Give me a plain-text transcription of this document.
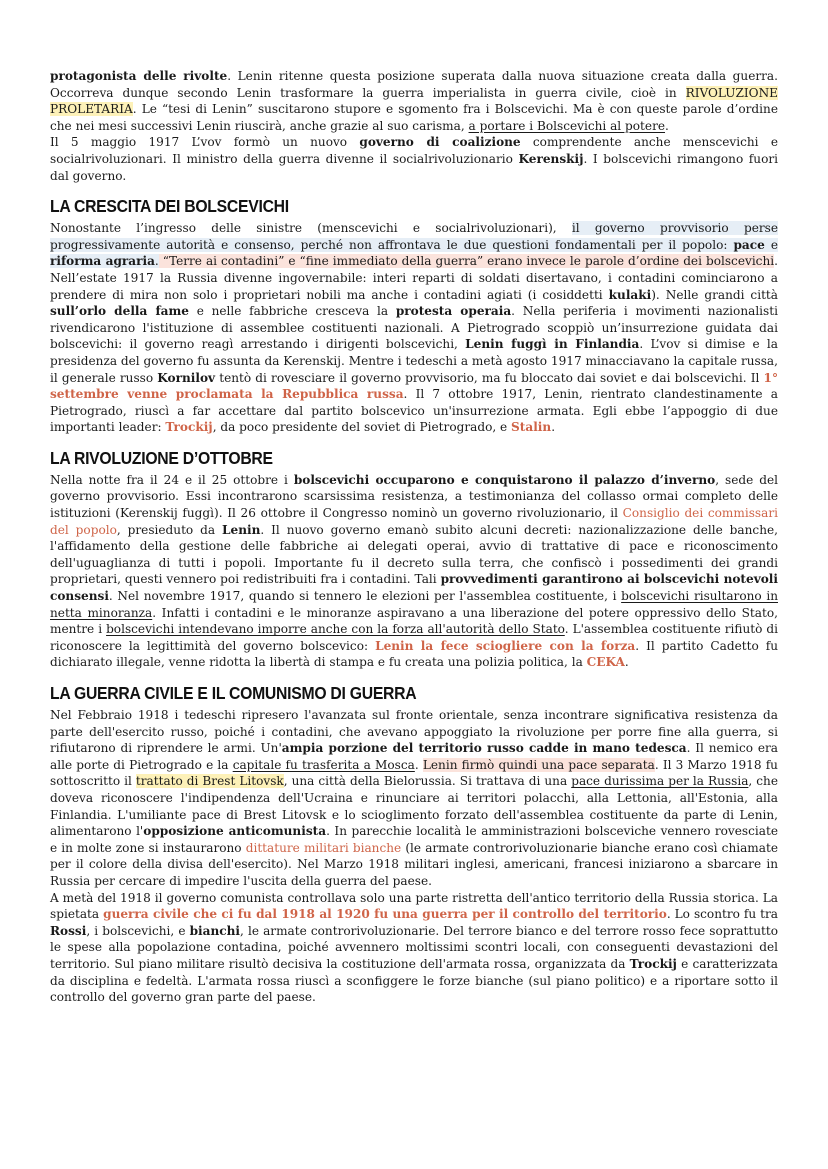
protagonista delle rivolte. Lenin ritenne questa posizione superata dalla nuova situazione creata dalla guerra. Occorreva dunque secondo Lenin trasformare la guerra imperialista in guerra civile, cioè in RIVOLUZIONE PROLETARIA. Le “tesi di Lenin” suscitarono stupore e sgomento fra i Bolscevichi. Ma è con queste parole d’ordine che nei mesi successivi Lenin riuscirà, anche grazie al suo carisma, a portare i Bolscevichi al potere.

Il 5 maggio 1917 L’vov formò un nuovo governo di coalizione comprendente anche menscevichi e socialrivoluzionari. Il ministro della guerra divenne il socialrivoluzionario Kerenskij. I bolscevichi rimangono fuori dal governo.

LA CRESCITA DEI BOLSCEVICHI

Nonostante l’ingresso delle sinistre (menscevichi e socialrivoluzionari), il governo provvisorio perse progressivamente autorità e consenso, perché non affrontava le due questioni fondamentali per il popolo: pace e riforma agraria. “Terre ai contadini” e “fine immediato della guerra” erano invece le parole d’ordine dei bolscevichi. Nell’estate 1917 la Russia divenne ingovernabile: interi reparti di soldati disertavano, i contadini cominciarono a prendere di mira non solo i proprietari nobili ma anche i contadini agiati (i cosiddetti kulaki). Nelle grandi città sull’orlo della fame e nelle fabbriche cresceva la protesta operaia. Nella periferia i movimenti nazionalisti rivendicarono l'istituzione di assemblee costituenti nazionali. A Pietrogrado scoppiò un’insurrezione guidata dai bolscevichi: il governo reagì arrestando i dirigenti bolscevichi, Lenin fuggì in Finlandia. L’vov si dimise e la presidenza del governo fu assunta da Kerenskij. Mentre i tedeschi a metà agosto 1917 minacciavano la capitale russa, il generale russo Kornilov tentò di rovesciare il governo provvisorio, ma fu bloccato dai soviet e dai bolscevichi. Il 1° settembre venne proclamata la Repubblica russa. Il 7 ottobre 1917, Lenin, rientrato clandestinamente a Pietrogrado, riuscì a far accettare dal partito bolscevico un'insurrezione armata. Egli ebbe l’appoggio di due importanti leader: Trockij, da poco presidente del soviet di Pietrogrado, e Stalin.

LA RIVOLUZIONE D’OTTOBRE

Nella notte fra il 24 e il 25 ottobre i bolscevichi occuparono e conquistarono il palazzo d’inverno, sede del governo provvisorio. Essi incontrarono scarsissima resistenza, a testimonianza del collasso ormai completo delle istituzioni (Kerenskij fuggì). Il 26 ottobre il Congresso nominò un governo rivoluzionario, il Consiglio dei commissari del popolo, presieduto da Lenin. Il nuovo governo emanò subito alcuni decreti: nazionalizzazione delle banche, l'affidamento della gestione delle fabbriche ai delegati operai, avvio di trattative di pace e riconoscimento dell'uguaglianza di tutti i popoli. Importante fu il decreto sulla terra, che confiscò i possedimenti dei grandi proprietari, questi vennero poi redistribuiti fra i contadini. Tali provvedimenti garantirono ai bolscevichi notevoli consensi. Nel novembre 1917, quando si tennero le elezioni per l'assemblea costituente, i bolscevichi risultarono in netta minoranza. Infatti i contadini e le minoranze aspiravano a una liberazione del potere oppressivo dello Stato, mentre i bolscevichi intendevano imporre anche con la forza all'autorità dello Stato. L'assemblea costituente rifiutò di riconoscere la legittimità del governo bolscevico: Lenin la fece sciogliere con la forza. Il partito Cadetto fu dichiarato illegale, venne ridotta la libertà di stampa e fu creata una polizia politica, la CEKA.

LA GUERRA CIVILE E IL COMUNISMO DI GUERRA

Nel Febbraio 1918 i tedeschi ripresero l'avanzata sul fronte orientale, senza incontrare significativa resistenza da parte dell'esercito russo, poiché i contadini, che avevano appoggiato la rivoluzione per porre fine alla guerra, si rifiutarono di riprendere le armi. Un'ampia porzione del territorio russo cadde in mano tedesca. Il nemico era alle porte di Pietrogrado e la capitale fu trasferita a Mosca. Lenin firmò quindi una pace separata. Il 3 Marzo 1918 fu sottoscritto il trattato di Brest Litovsk, una città della Bielorussia. Si trattava di una pace durissima per la Russia, che doveva riconoscere l'indipendenza dell'Ucraina e rinunciare ai territori polacchi, alla Lettonia, all'Estonia, alla Finlandia. L'umiliante pace di Brest Litovsk e lo scioglimento forzato dell'assemblea costituente da parte di Lenin, alimentarono l'opposizione anticomunista. In parecchie località le amministrazioni bolsceviche vennero rovesciate e in molte zone si instaurarono dittature militari bianche (le armate controrivoluzionarie bianche erano così chiamate per il colore della divisa dell'esercito). Nel Marzo 1918 militari inglesi, americani, francesi iniziarono a sbarcare in Russia per cercare di impedire l'uscita della guerra del paese.

A metà del 1918 il governo comunista controllava solo una parte ristretta dell'antico territorio della Russia storica. La spietata guerra civile che ci fu dal 1918 al 1920 fu una guerra per il controllo del territorio. Lo scontro fu tra Rossi, i bolscevichi, e bianchi, le armate controrivoluzionarie. Del terrore bianco e del terrore rosso fece soprattutto le spese alla popolazione contadina, poiché avvennero moltissimi scontri locali, con conseguenti devastazioni del territorio. Sul piano militare risultò decisiva la costituzione dell'armata rossa, organizzata da Trockij e caratterizzata da disciplina e fedeltà. L'armata rossa riuscì a sconfiggere le forze bianche (sul piano politico) e a riportare sotto il controllo del governo gran parte del paese.
